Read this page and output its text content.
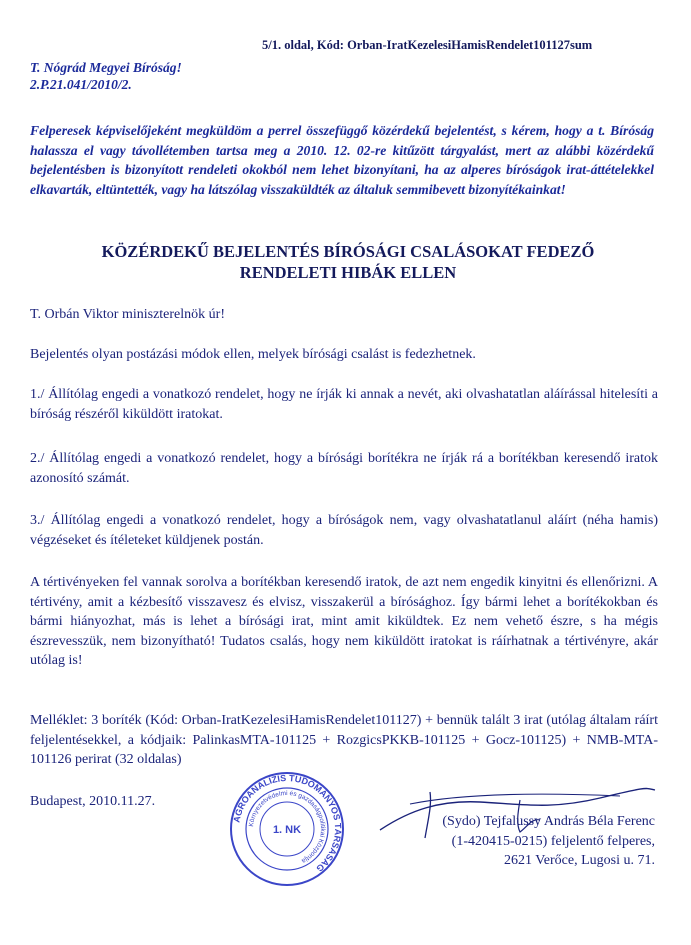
5/1. oldal, Kód: Orban-IratKezelesiHamisRendelet101127sum
T. Nógrád Megyei Bíróság!
2.P.21.041/2010/2.
Felperesek képviselőjeként megküldöm a perrel összefüggő közérdekű bejelentést, s kérem, hogy a t. Bíróság halassza el vagy távollétemben tartsa meg a 2010. 12. 02-re kitűzött tárgyalást, mert az alábbi közérdekű bejelentésben is bizonyított rendeleti okokból nem lehet bizonyítani, ha az alperes bíróságok irat-áttételekkel elkavarták, eltüntették, vagy ha látszólag visszaküldték az általuk semmibevett bizonyítékainkat!
KÖZÉRDEKŰ BEJELENTÉS BÍRÓSÁGI CSALÁSOKAT FEDEZŐ
RENDELETI HIBÁK ELLEN
T. Orbán Viktor miniszterelnök úr!
Bejelentés olyan postázási módok ellen, melyek bírósági csalást is fedezhetnek.
1./ Állítólag engedi a vonatkozó rendelet, hogy ne írják ki annak a nevét, aki olvashatatlan aláírással hitelesíti a bíróság részéről kiküldött iratokat.
2./ Állítólag engedi a vonatkozó rendelet, hogy a bírósági borítékra ne írják rá a borítékban keresendő iratok azonosító számát.
3./ Állítólag engedi a vonatkozó rendelet, hogy a bíróságok nem, vagy olvashatatlanul aláírt (néha hamis) végzéseket és ítéleteket küldjenek postán.
A tértivényeken fel vannak sorolva a borítékban keresendő iratok, de azt nem engedik kinyitni és ellenőrizni. A tértivény, amit a kézbesítő visszavesz és elvisz, visszakerül a bírósághoz. Így bármi lehet a borítékokban és bármi hiányozhat, más is lehet a bírósági irat, mint amit kiküldtek. Ez nem vehető észre, s ha mégis észrevesszük, nem bizonyítható! Tudatos csalás, hogy nem kiküldött iratokat is ráírhatnak a tértivényre, akár utólag is!
Melléklet: 3 boríték (Kód: Orban-IratKezelesiHamisRendelet101127) + bennük talált 3 irat (utólag általam ráírt feljelentésekkel, a kódjaik: PalinkasMTA-101125 + RozgicsPKKB-101125 + Gocz-101125) + NMB-MTA-101126 perirat (32 oldalas)
Budapest, 2010.11.27.
(Sydo) Tejfalussy András Béla Ferenc
(1-420415-0215) feljelentő felperes,
2621 Verőce, Lugosi u. 71.
AGROANALIZIS TUDOMÁNYOS TÁRSASÁG
Környezetvédelmi és gazdaságpolitikai Központja
1. NK
